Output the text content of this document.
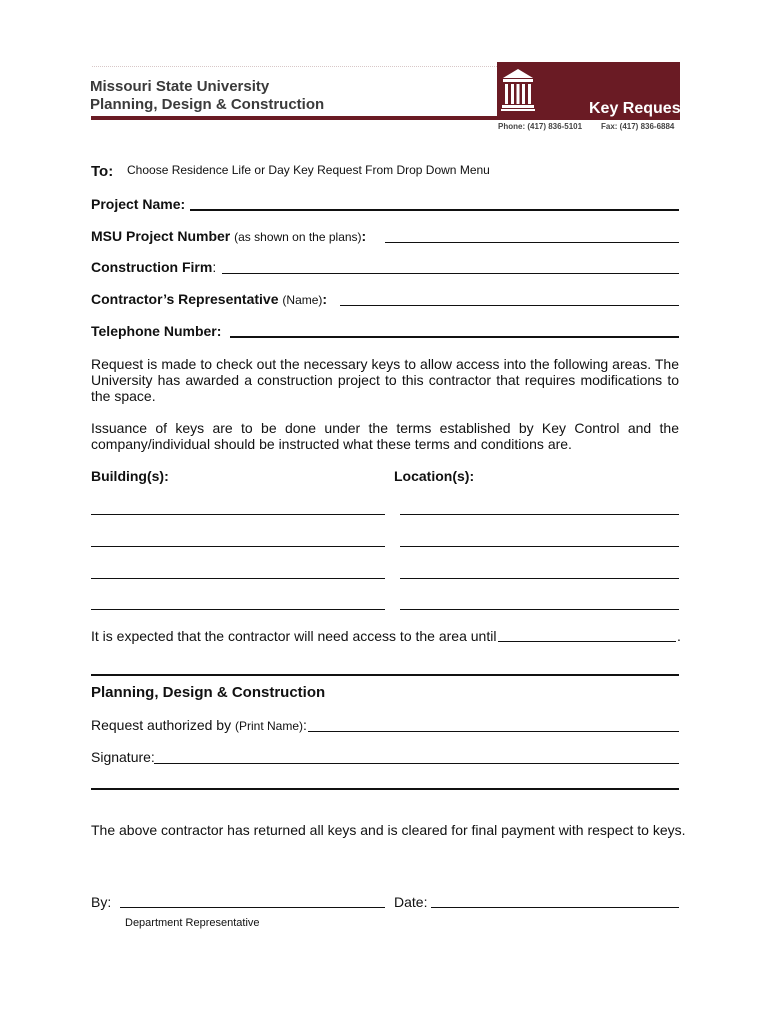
Missouri State University
Planning, Design & Construction	Key Request
Phone: (417) 836-5101 Fax: (417) 836-6884
To: Choose Residence Life or Day Key Request From Drop Down Menu
Project Name:
MSU Project Number (as shown on the plans):
Construction Firm:
Contractor’s Representative (Name):
Telephone Number:
Request is made to check out the necessary keys to allow access into the following areas. The University has awarded a construction project to this contractor that requires modifications to the space.
Issuance of keys are to be done under the terms established by Key Control and the company/individual should be instructed what these terms and conditions are.
Building(s):	Location(s):
It is expected that the contractor will need access to the area until	.
Planning, Design & Construction
Request authorized by (Print Name):
Signature:
The above contractor has returned all keys and is cleared for final payment with respect to keys.
By:	Date:
Department Representative
